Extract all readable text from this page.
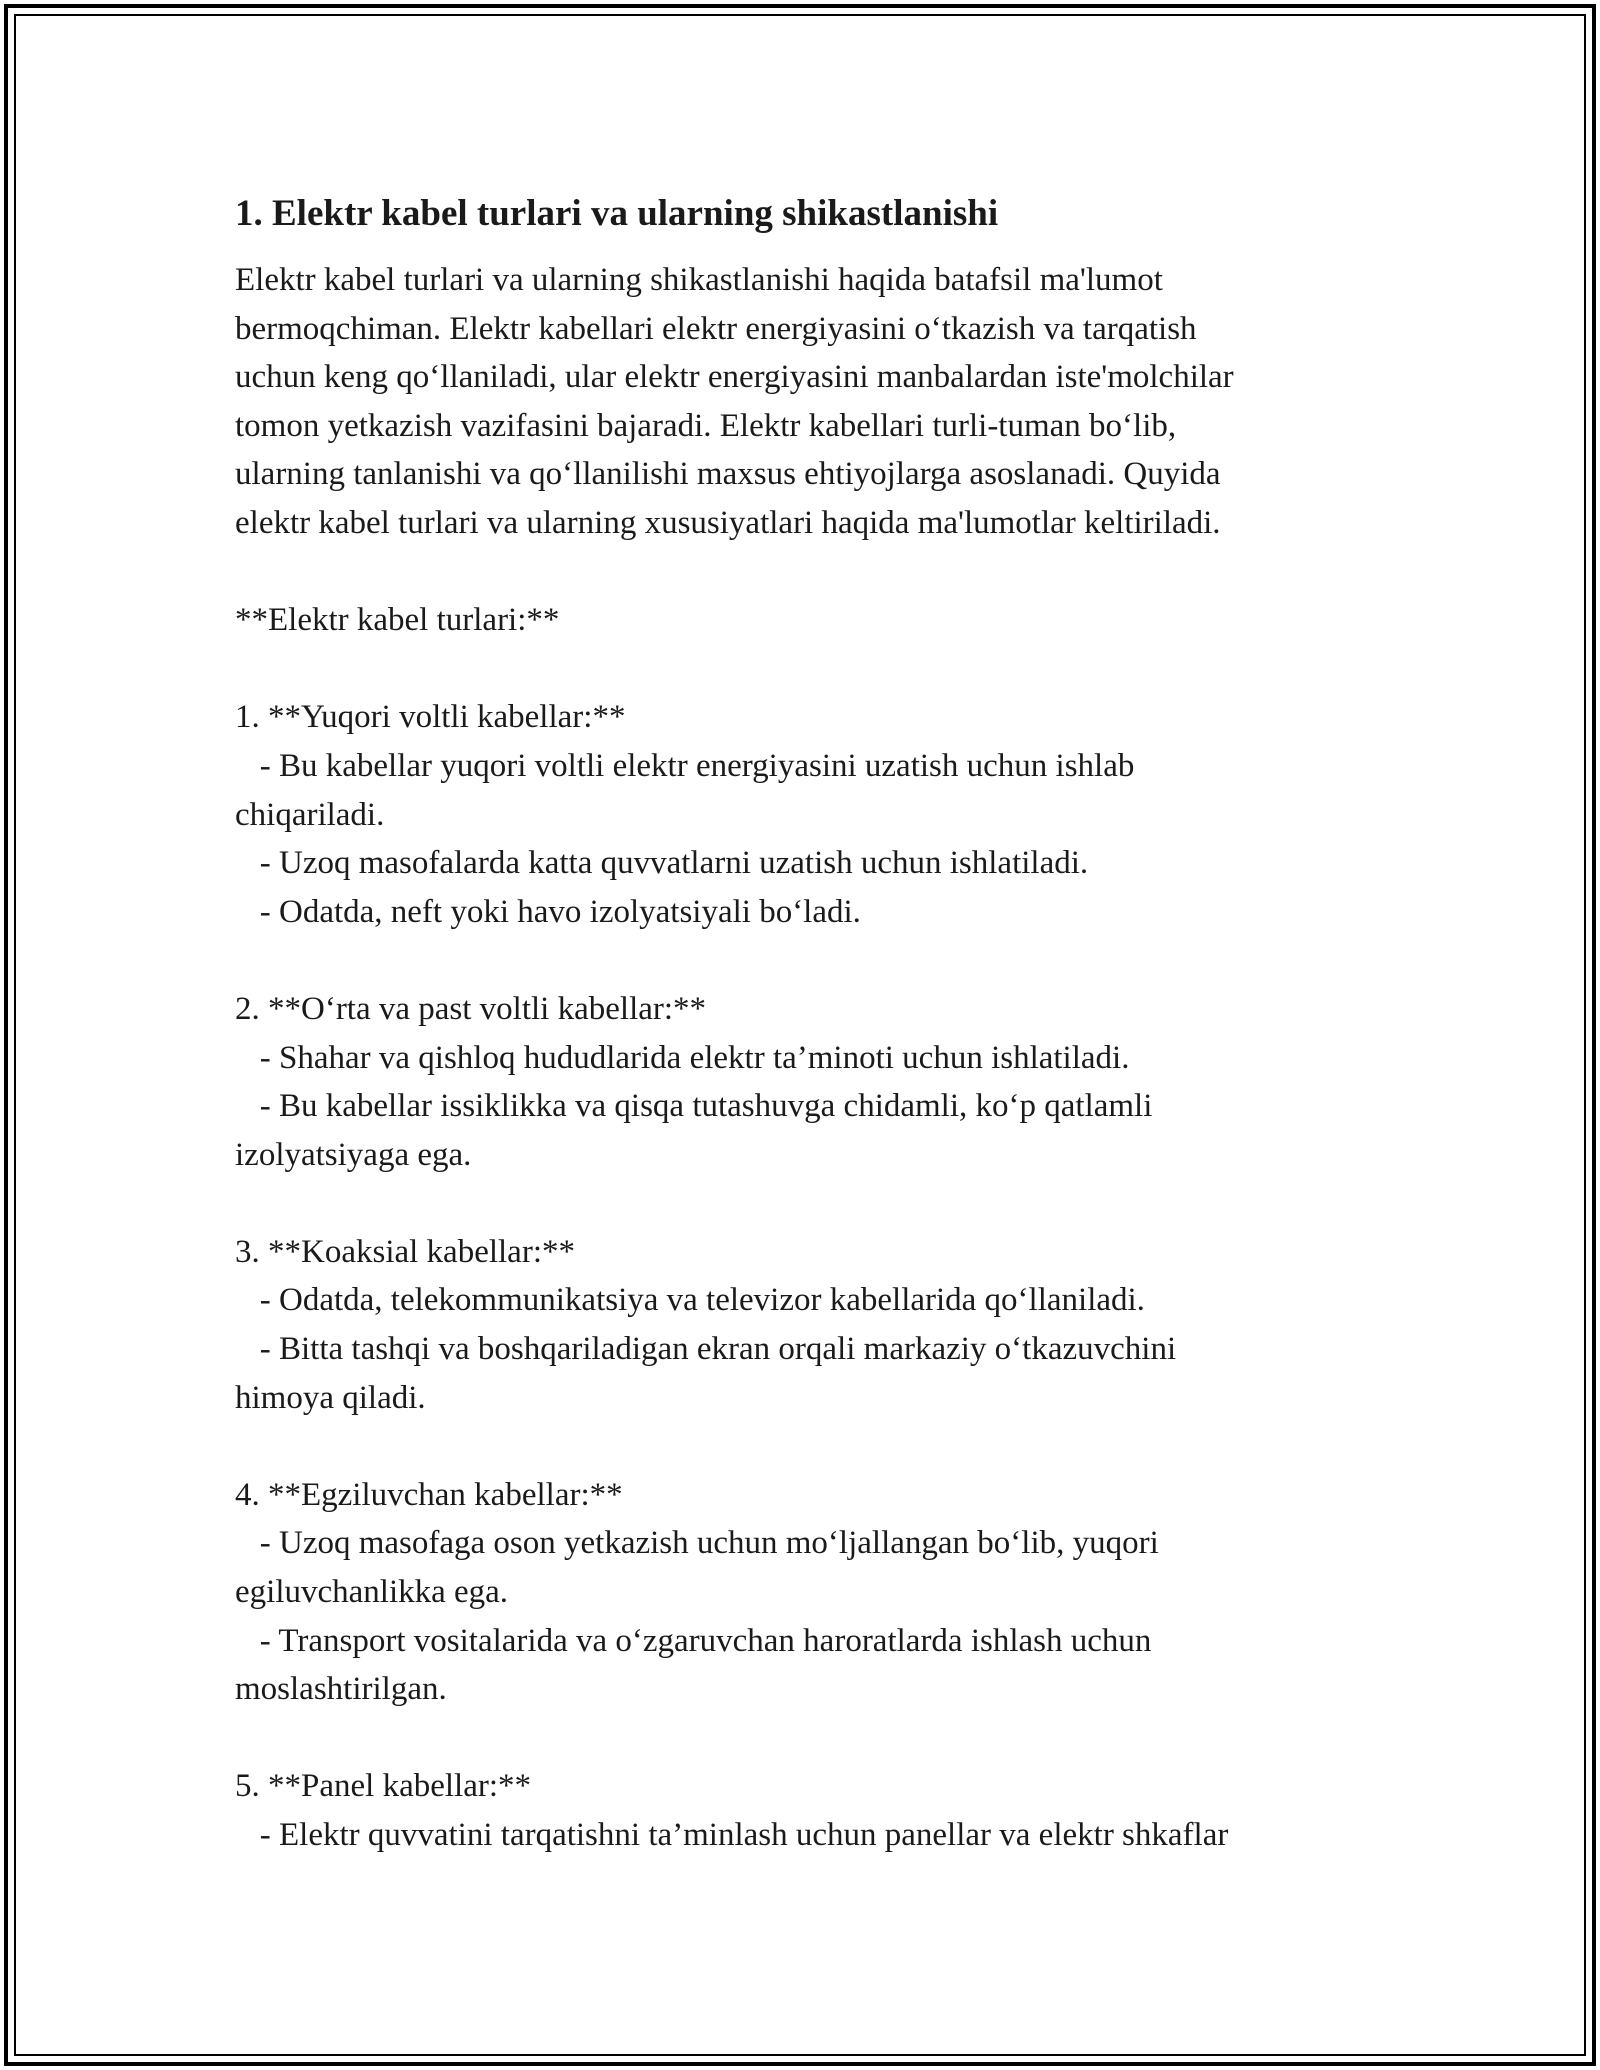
1. Elektr kabel turlari va ularning shikastlanishi
Elektr kabel turlari va ularning shikastlanishi haqida batafsil ma'lumot
bermoqchiman. Elektr kabellari elektr energiyasini o‘tkazish va tarqatish
uchun keng qo‘llaniladi, ular elektr energiyasini manbalardan iste'molchilar
tomon yetkazish vazifasini bajaradi. Elektr kabellari turli-tuman bo‘lib,
ularning tanlanishi va qo‘llanilishi maxsus ehtiyojlarga asoslanadi. Quyida
elektr kabel turlari va ularning xususiyatlari haqida ma'lumotlar keltiriladi.
**Elektr kabel turlari:**
1. **Yuqori voltli kabellar:**
- Bu kabellar yuqori voltli elektr energiyasini uzatish uchun ishlab
chiqariladi.
- Uzoq masofalarda katta quvvatlarni uzatish uchun ishlatiladi.
- Odatda, neft yoki havo izolyatsiyali bo‘ladi.
2. **O‘rta va past voltli kabellar:**
- Shahar va qishloq hududlarida elektr ta’minoti uchun ishlatiladi.
- Bu kabellar issiklikka va qisqa tutashuvga chidamli, ko‘p qatlamli
izolyatsiyaga ega.
3. **Koaksial kabellar:**
- Odatda, telekommunikatsiya va televizor kabellarida qo‘llaniladi.
- Bitta tashqi va boshqariladigan ekran orqali markaziy o‘tkazuvchini
himoya qiladi.
4. **Egziluvchan kabellar:**
- Uzoq masofaga oson yetkazish uchun mo‘ljallangan bo‘lib, yuqori
egiluvchanlikka ega.
- Transport vositalarida va o‘zgaruvchan haroratlarda ishlash uchun
moslashtirilgan.
5. **Panel kabellar:**
- Elektr quvvatini tarqatishni ta’minlash uchun panellar va elektr shkaflar
